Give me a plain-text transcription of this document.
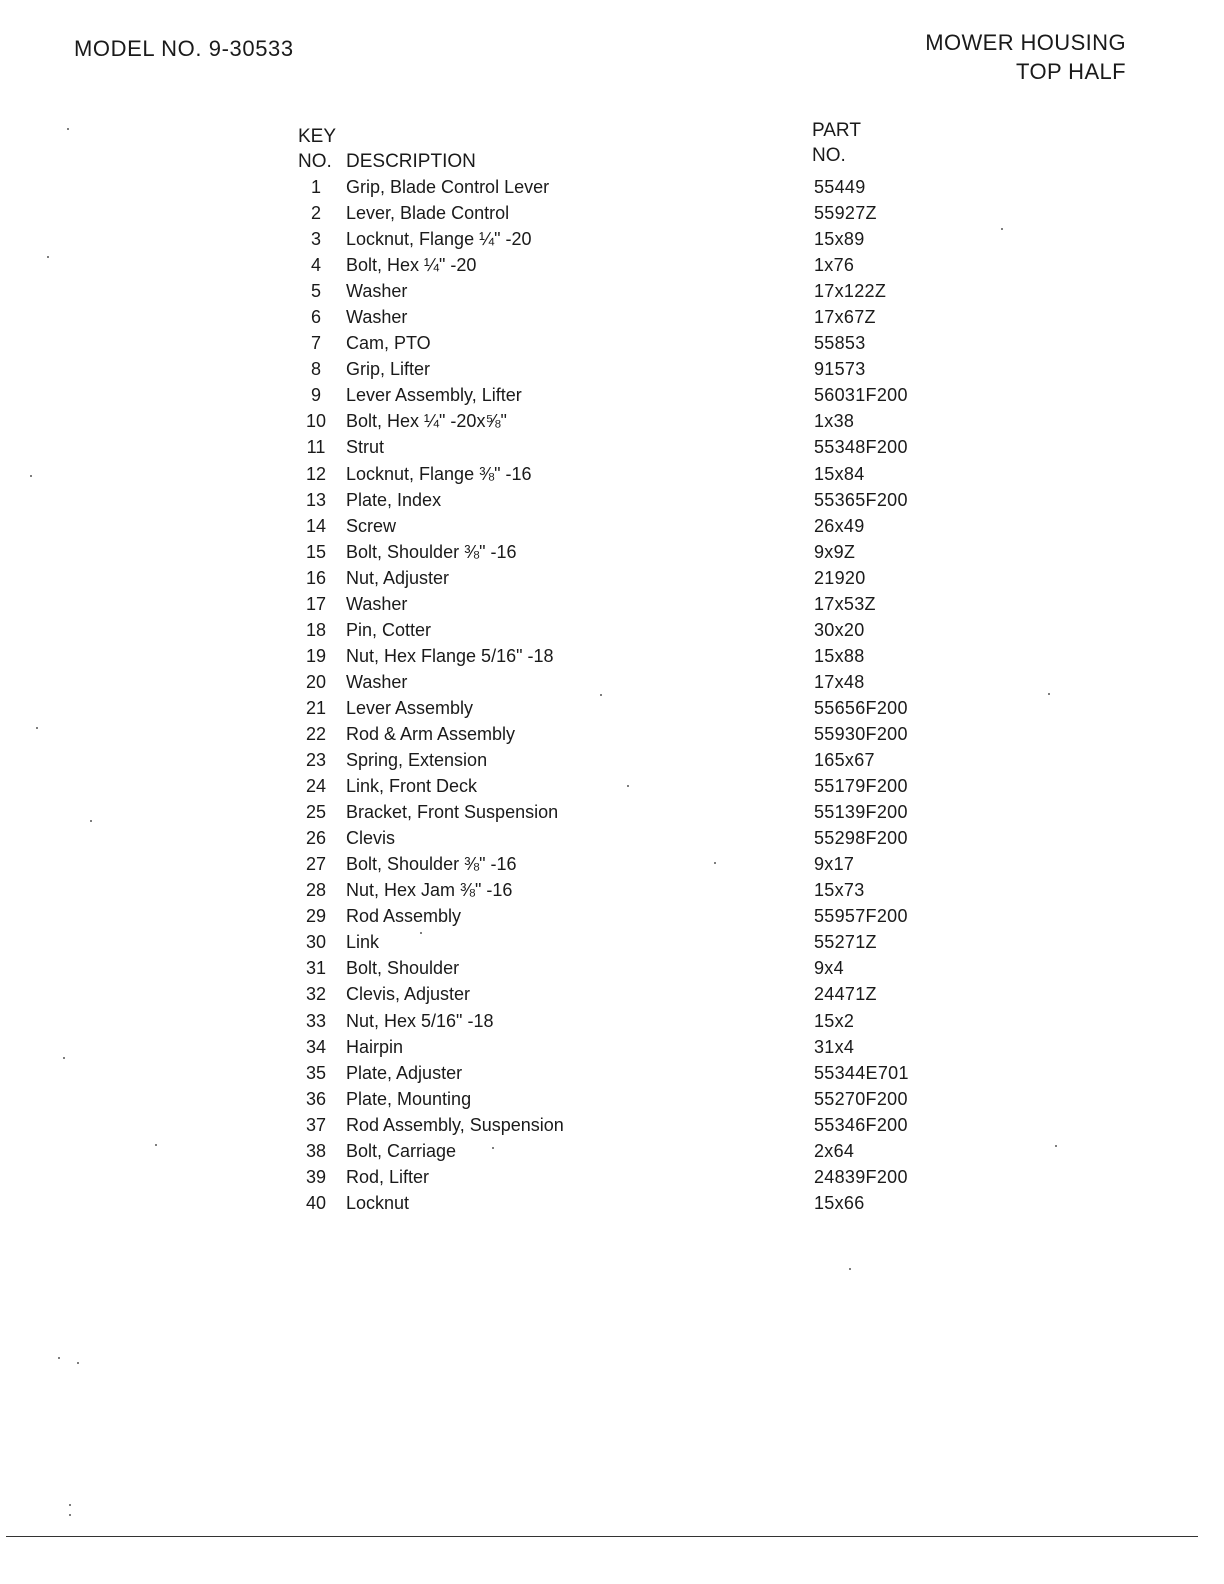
MODEL NO. 9-30533	MOWER HOUSING
TOP HALF
KEY
NO. DESCRIPTION
PART
NO.
1	Grip, Blade Control Lever	55449
2	Lever, Blade Control	55927Z
3	Locknut, Flange ¼" -20	15x89
4	Bolt, Hex ¼" -20	1x76
5	Washer	17x122Z
6	Washer	17x67Z
7	Cam, PTO	55853
8	Grip, Lifter	91573
9	Lever Assembly, Lifter	56031F200
10	Bolt, Hex ¼" -20x⅝"	1x38
11	Strut	55348F200
12	Locknut, Flange ⅜" -16	15x84
13	Plate, Index	55365F200
14	Screw	26x49
15	Bolt, Shoulder ⅜" -16	9x9Z
16	Nut, Adjuster	21920
17	Washer	17x53Z
18	Pin, Cotter	30x20
19	Nut, Hex Flange 5/16" -18	15x88
20	Washer	17x48
21	Lever Assembly	55656F200
22	Rod & Arm Assembly	55930F200
23	Spring, Extension	165x67
24	Link, Front Deck	55179F200
25	Bracket, Front Suspension	55139F200
26	Clevis	55298F200
27	Bolt, Shoulder ⅜" -16	9x17
28	Nut, Hex Jam ⅜" -16	15x73
29	Rod Assembly	55957F200
30	Link	55271Z
31	Bolt, Shoulder	9x4
32	Clevis, Adjuster	24471Z
33	Nut, Hex 5/16" -18	15x2
34	Hairpin	31x4
35	Plate, Adjuster	55344E701
36	Plate, Mounting	55270F200
37	Rod Assembly, Suspension	55346F200
38	Bolt, Carriage	2x64
39	Rod, Lifter	24839F200
40	Locknut	15x66
